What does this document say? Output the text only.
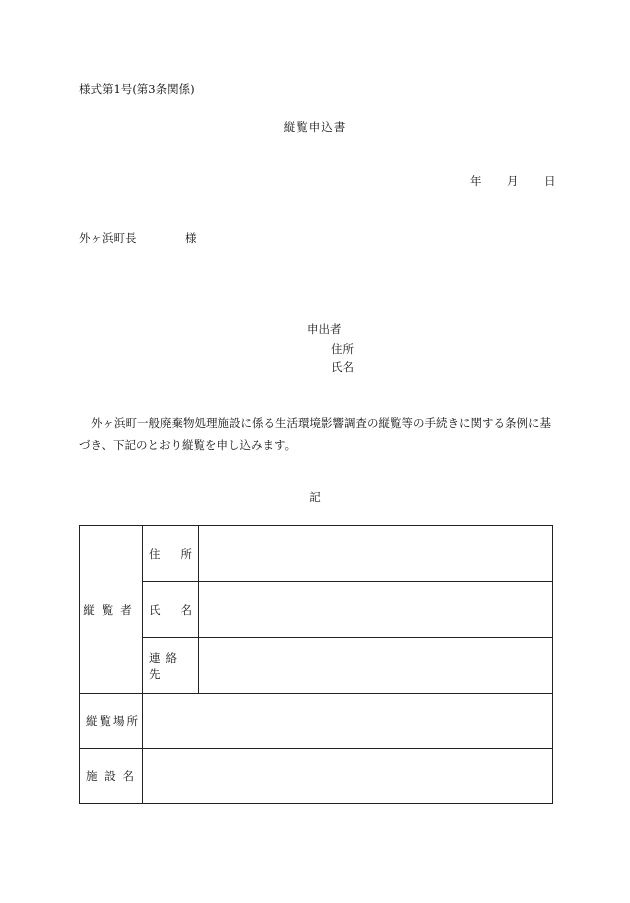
様式第1号(第3条関係)
縦覧申込書
年	月	日
外ヶ浜町長	様
申出者
住所
氏名
外ヶ浜町一般廃棄物処理施設に係る生活環境影響調査の縦覧等の手続きに関する条例に基づき、下記のとおり縦覧を申し込みます。
記
縦覧者	住 所	

	氏 名	

	連絡先	
縦覧場所		

施 設 名		
